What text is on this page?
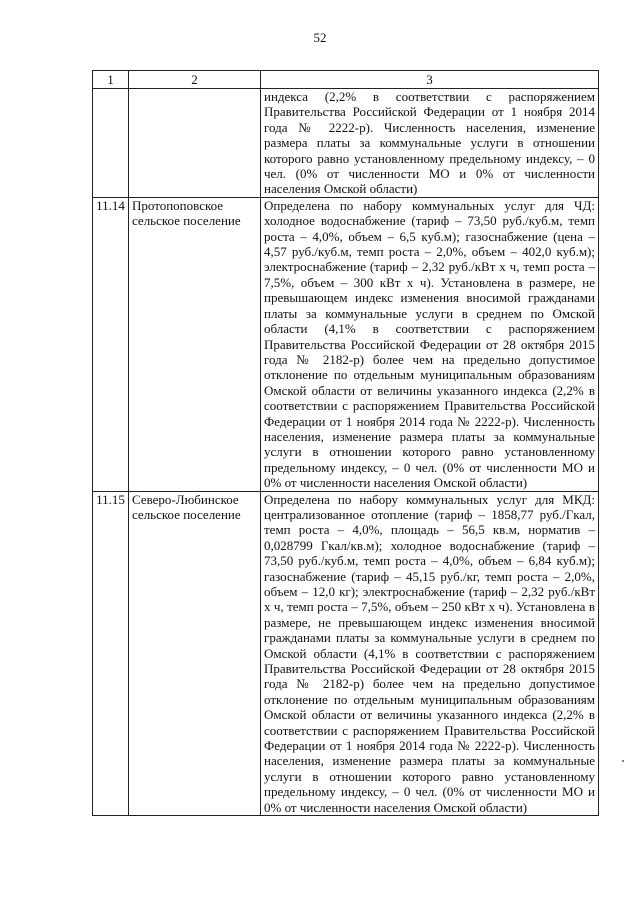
52
1	2	3
		индекса (2,2% в соответствии с распоряжением Правительства Российской Федерации от 1 ноября 2014 года № 2222-р). Численность населения, изменение размера платы за коммунальные услуги в отношении которого равно установленному предельному индексу, – 0 чел. (0% от численности МО и 0% от численности населения Омской области)
11.14	Протопоповское сельское поселение	Определена по набору коммунальных услуг для ЧД: холодное водоснабжение (тариф – 73,50 руб./куб.м, темп роста – 4,0%, объем – 6,5 куб.м); газоснабжение (цена – 4,57 руб./куб.м, темп роста – 2,0%, объем – 402,0 куб.м); электроснабжение (тариф – 2,32 руб./кВт х ч, темп роста – 7,5%, объем – 300 кВт х ч). Установлена в размере, не превышающем индекс изменения вносимой гражданами платы за коммунальные услуги в среднем по Омской области (4,1% в соответствии с распоряжением Правительства Российской Федерации от 28 октября 2015 года № 2182-р) более чем на предельно допустимое отклонение по отдельным муниципальным образованиям Омской области от величины указанного индекса (2,2% в соответствии с распоряжением Правительства Российской Федерации от 1 ноября 2014 года № 2222-р). Численность населения, изменение размера платы за коммунальные услуги в отношении которого равно установленному предельному индексу, – 0 чел. (0% от численности МО и 0% от численности населения Омской области)
11.15	Северо-Любинское сельское поселение	Определена по набору коммунальных услуг для МКД: централизованное отопление (тариф – 1858,77 руб./Гкал, темп роста – 4,0%, площадь – 56,5 кв.м, норматив – 0,028799 Гкал/кв.м); холодное водоснабжение (тариф – 73,50 руб./куб.м, темп роста – 4,0%, объем – 6,84 куб.м); газоснабжение (тариф – 45,15 руб./кг, темп роста – 2,0%, объем – 12,0 кг); электроснабжение (тариф – 2,32 руб./кВт х ч, темп роста – 7,5%, объем – 250 кВт х ч). Установлена в размере, не превышающем индекс изменения вносимой гражданами платы за коммунальные услуги в среднем по Омской области (4,1% в соответствии с распоряжением Правительства Российской Федерации от 28 октября 2015 года № 2182-р) более чем на предельно допустимое отклонение по отдельным муниципальным образованиям Омской области от величины указанного индекса (2,2% в соответствии с распоряжением Правительства Российской Федерации от 1 ноября 2014 года № 2222-р). Численность населения, изменение размера платы за коммунальные услуги в отношении которого равно установленному предельному индексу, – 0 чел. (0% от численности МО и 0% от численности населения Омской области)
